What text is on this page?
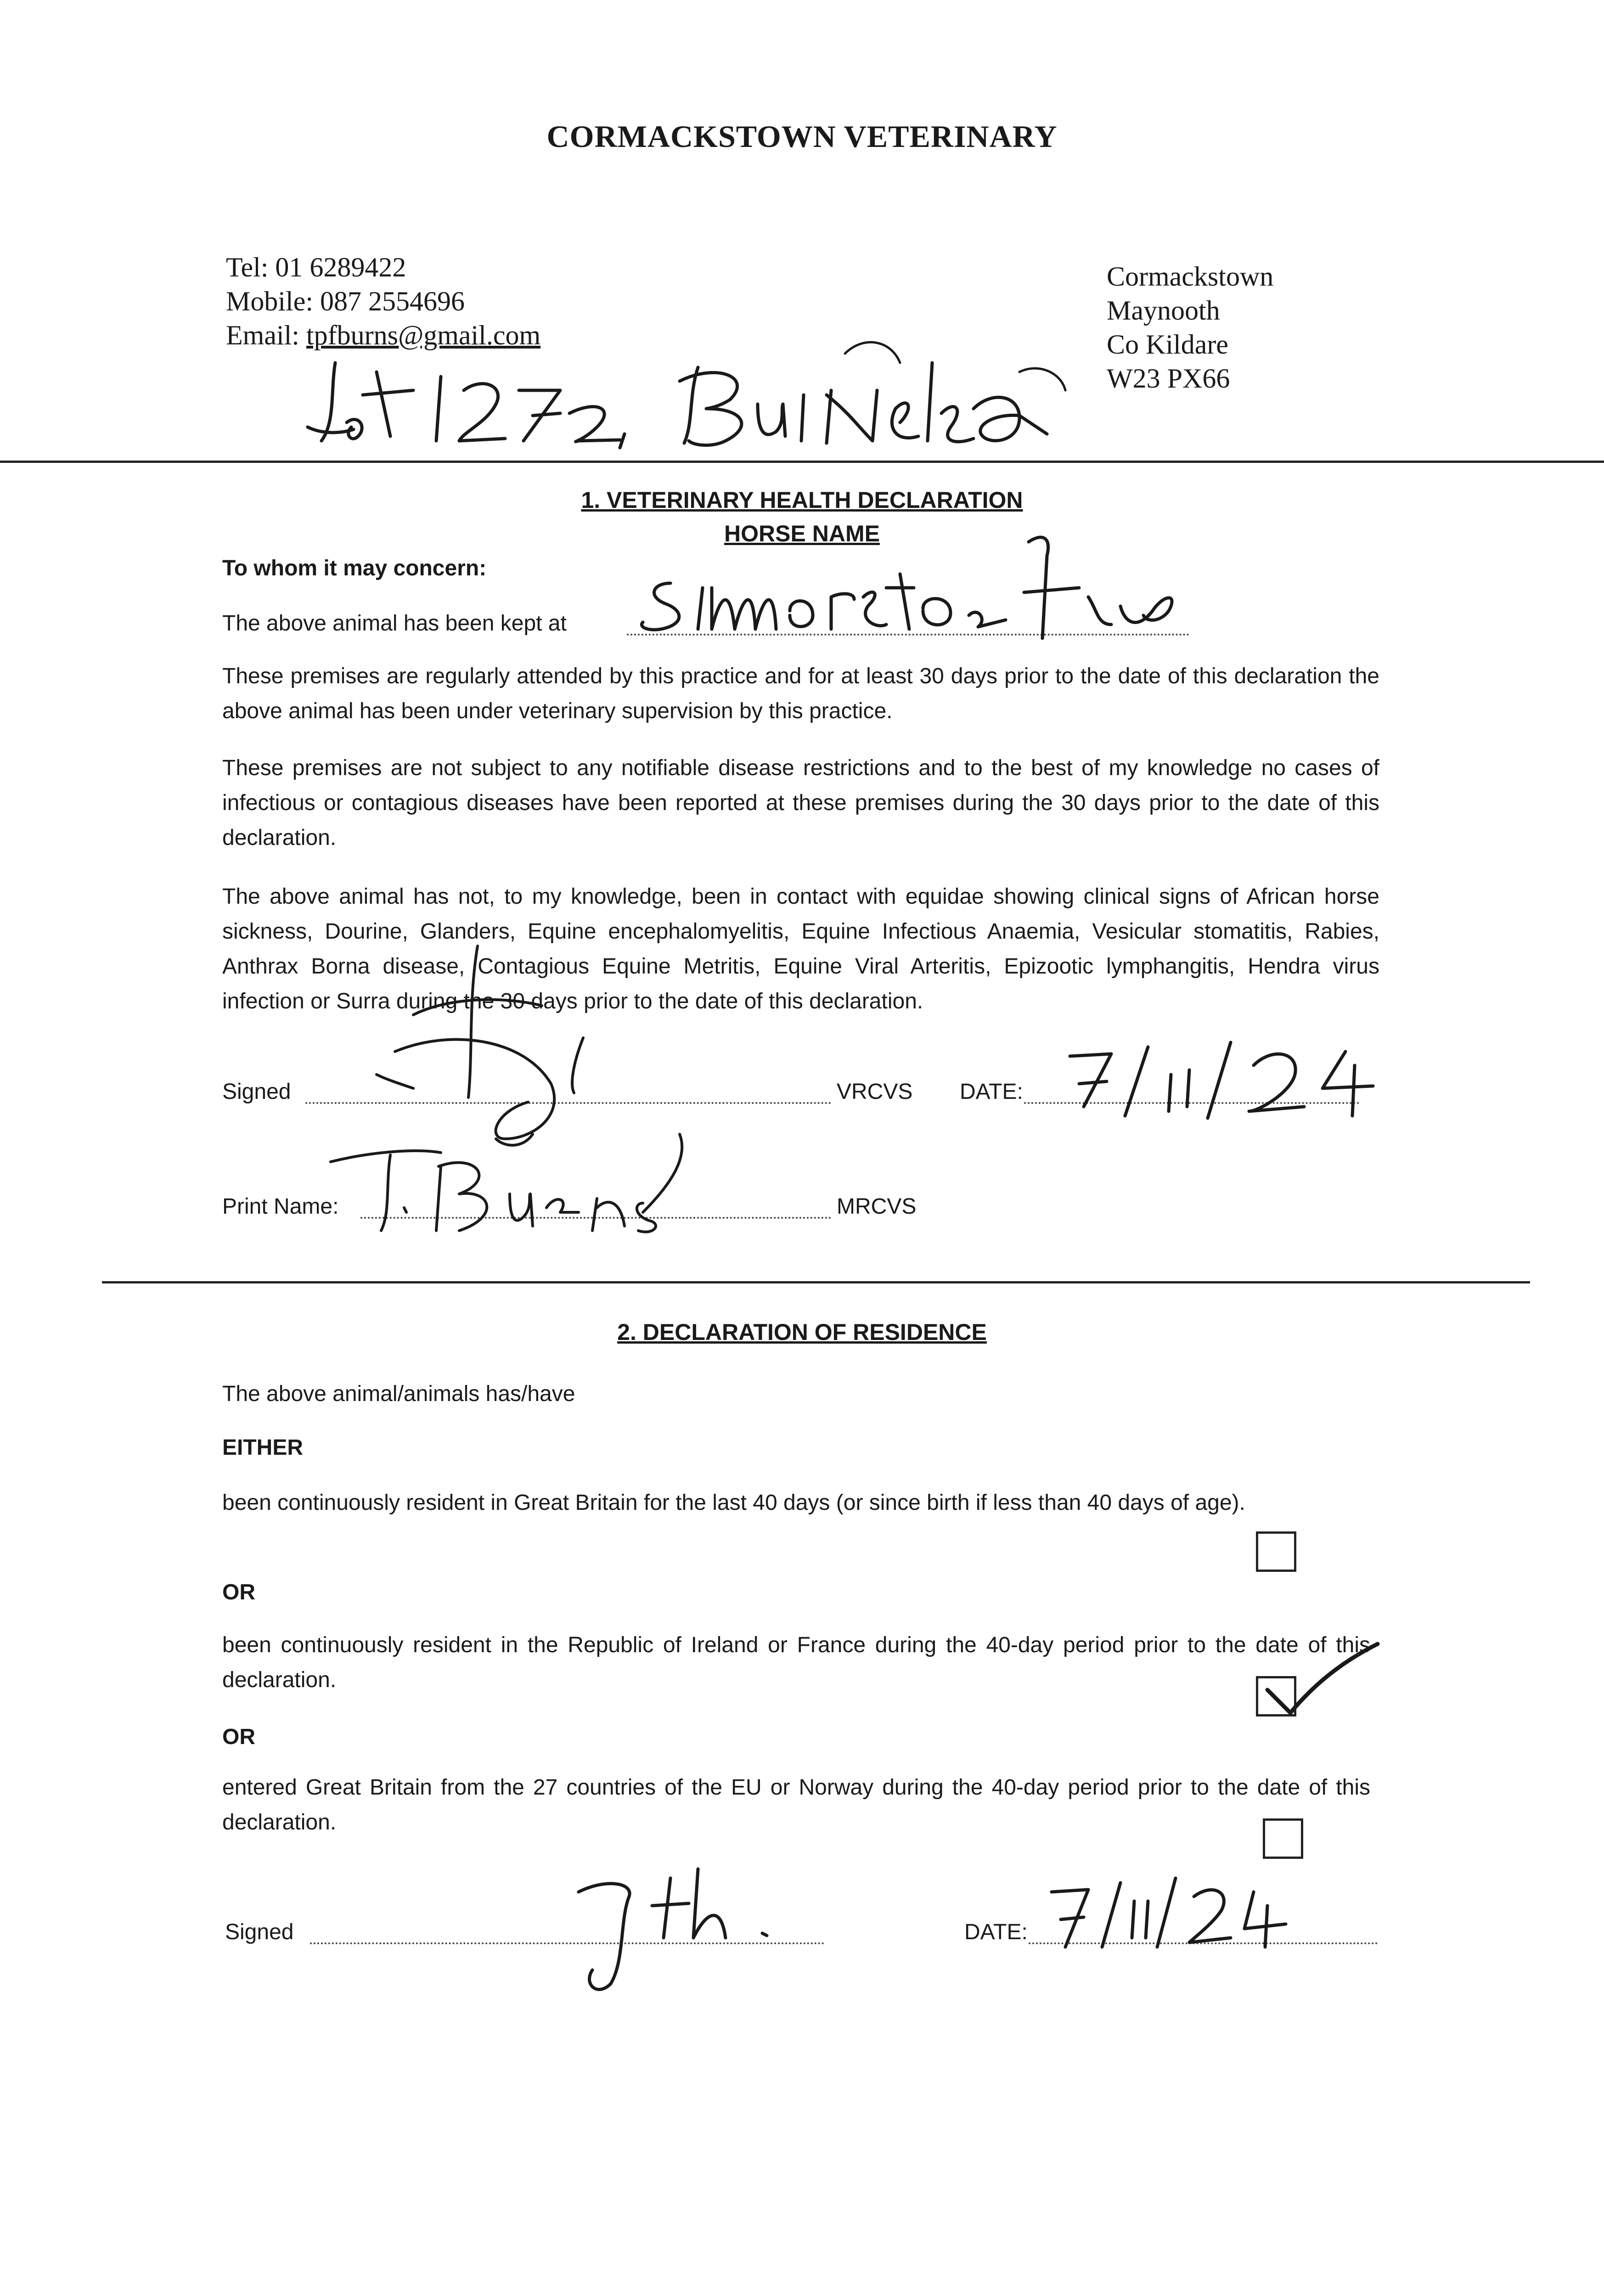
CORMACKSTOWN VETERINARY
Tel: 01 6289422
Mobile: 087 2554696
Email: tpfburns@gmail.com
Cormackstown
Maynooth
Co Kildare
W23 PX66
1. VETERINARY HEALTH DECLARATION
HORSE NAME
To whom it may concern:
The above animal has been kept at
These premises are regularly attended by this practice and for at least 30 days prior to the date of this declaration the above animal has been under veterinary supervision by this practice.
These premises are not subject to any notifiable disease restrictions and to the best of my knowledge no cases of infectious or contagious diseases have been reported at these premises during the 30 days prior to the date of this declaration.
The above animal has not, to my knowledge, been in contact with equidae showing clinical signs of African horse sickness, Dourine, Glanders, Equine encephalomyelitis, Equine Infectious Anaemia, Vesicular stomatitis, Rabies, Anthrax Borna disease, Contagious Equine Metritis, Equine Viral Arteritis, Epizootic lymphangitis, Hendra virus infection or Surra during the 30 days prior to the date of this declaration.
Signed	VRCVS DATE:
Print Name:	MRCVS
2. DECLARATION OF RESIDENCE
The above animal/animals has/have
EITHER
been continuously resident in Great Britain for the last 40 days (or since birth if less than 40 days of age).
OR
been continuously resident in the Republic of Ireland or France during the 40-day period prior to the date of this declaration.
OR
entered Great Britain from the 27 countries of the EU or Norway during the 40-day period prior to the date of this declaration.
Signed	DATE:
